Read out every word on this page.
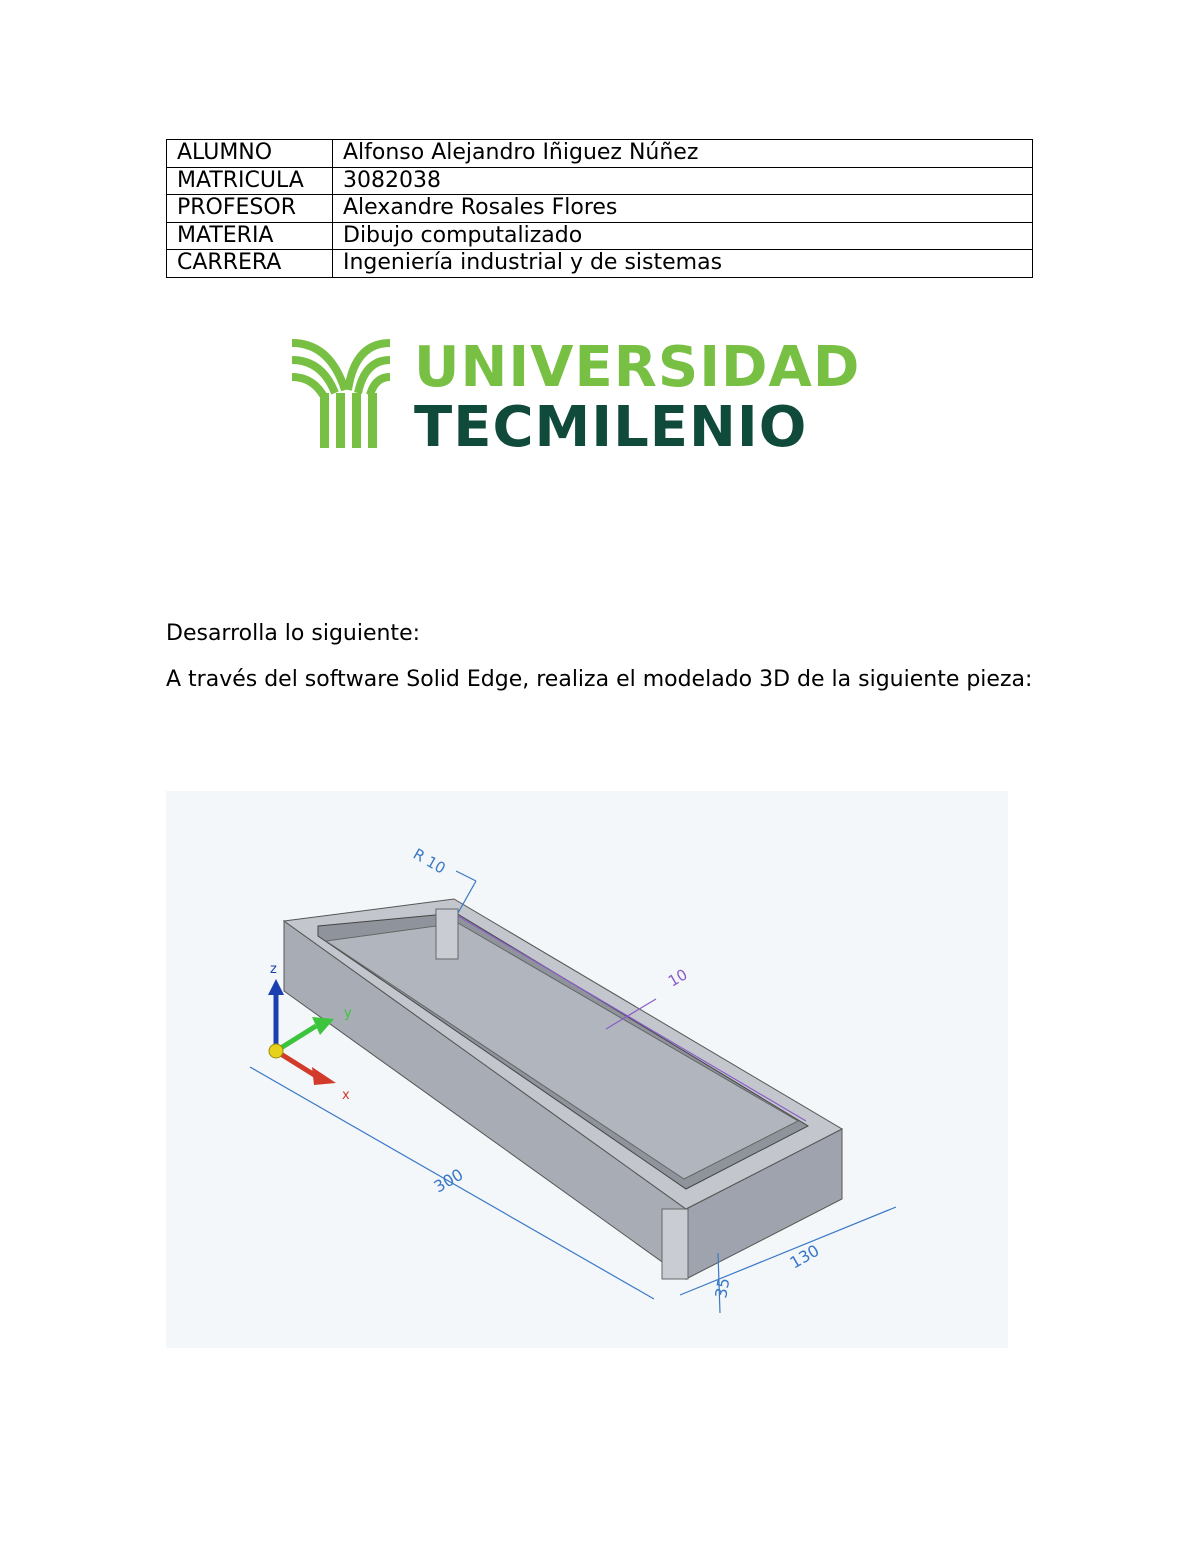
ALUMNO	Alfonso Alejandro Iñiguez Núñez
MATRICULA	3082038
PROFESOR	Alexandre Rosales Flores
MATERIA	Dibujo computalizado
CARRERA	Ingeniería industrial y de sistemas
UNIVERSIDAD
TECMILENIO
Desarrolla lo siguiente:
A través del software Solid Edge, realiza el modelado 3D de la siguiente pieza:
z
y
x
R 10
10
300
130
35
